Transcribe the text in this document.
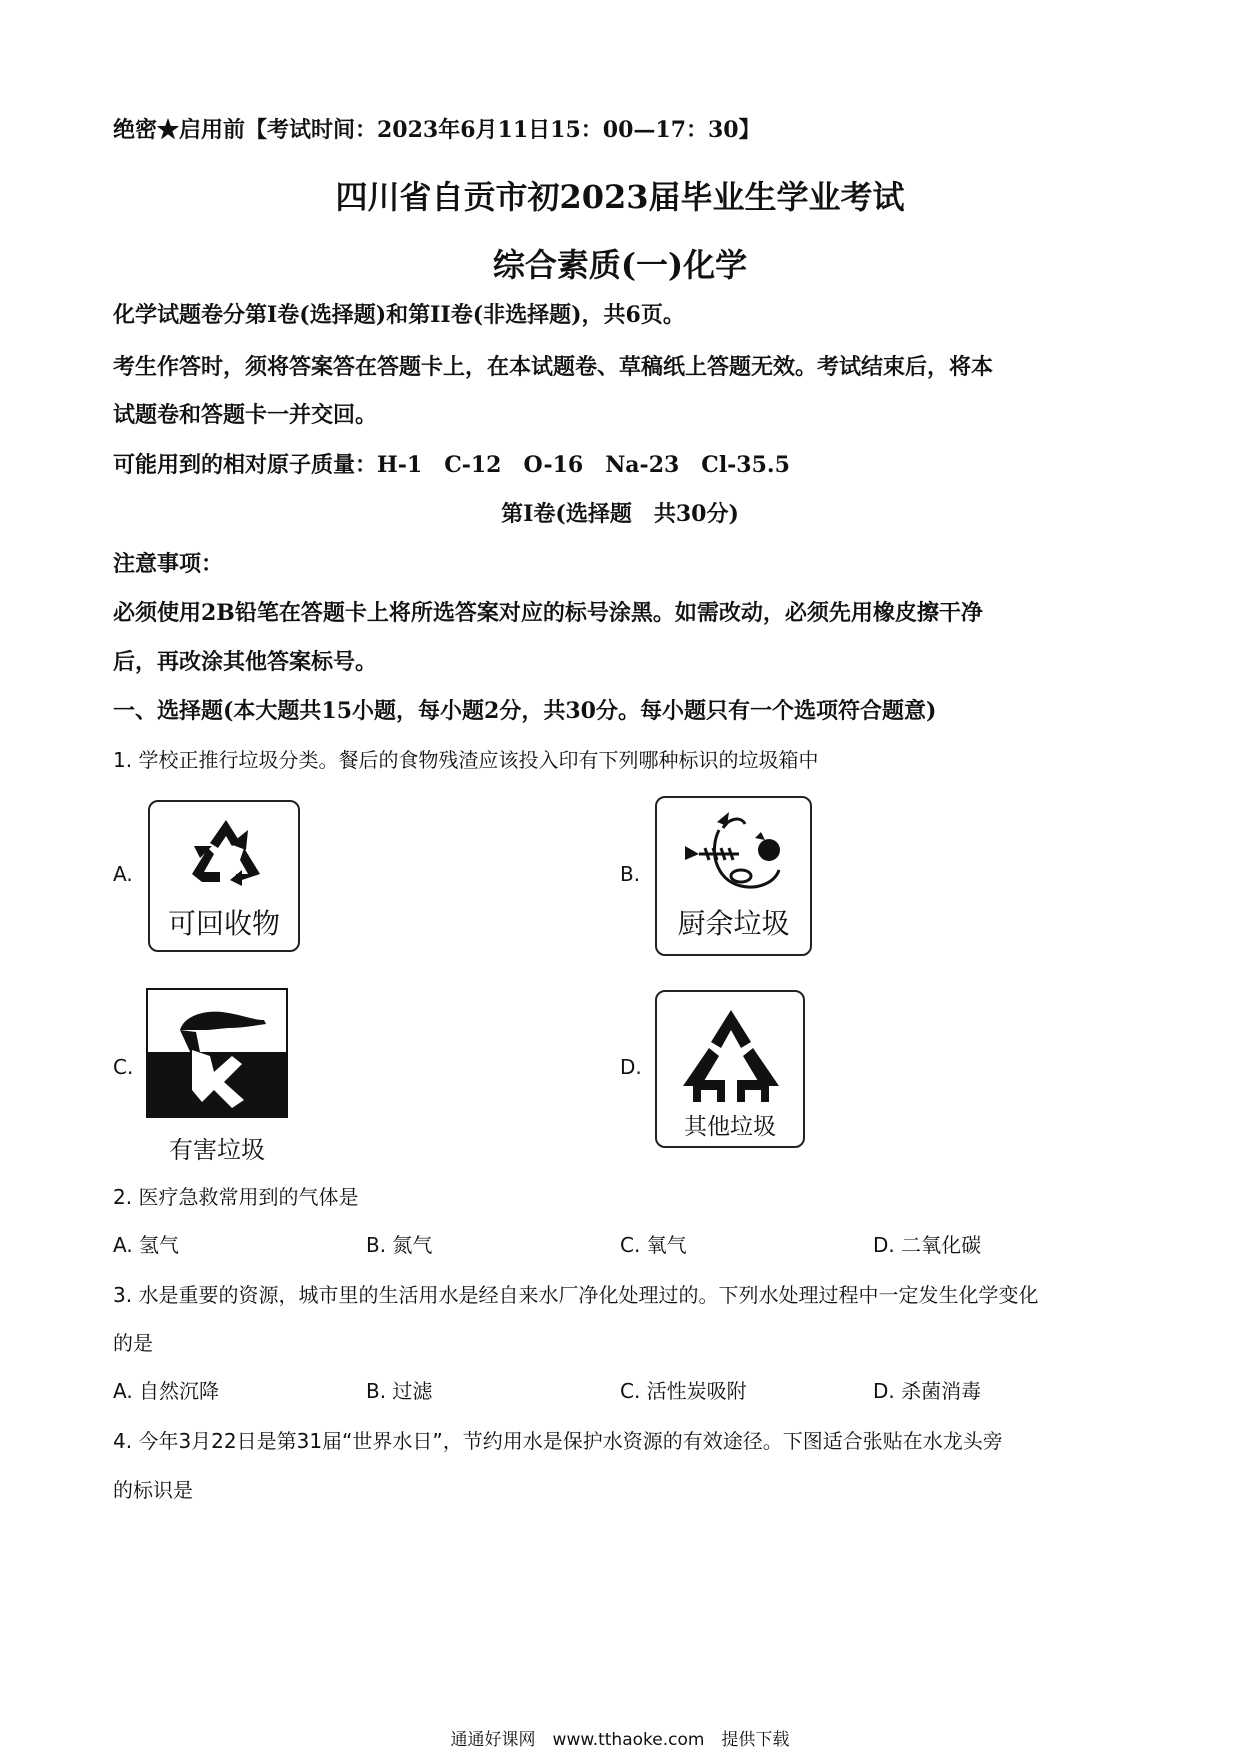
绝密★启用前【考试时间：2023年6月11日15：00—17：30】
四川省自贡市初2023届毕业生学业考试
综合素质(一)化学
化学试题卷分第Ⅰ卷(选择题)和第II卷(非选择题)，共6页。
考生作答时，须将答案答在答题卡上，在本试题卷、草稿纸上答题无效。考试结束后，将本
试题卷和答题卡一并交回。
可能用到的相对原子质量：H-1　C-12　O-16　Na-23　Cl-35.5
第Ⅰ卷(选择题　共30分)
注意事项：
必须使用2B铅笔在答题卡上将所选答案对应的标号涂黑。如需改动，必须先用橡皮擦干净
后，再改涂其他答案标号。
一、选择题(本大题共15小题，每小题2分，共30分。每小题只有一个选项符合题意)
1. 学校正推行垃圾分类。餐后的食物残渣应该投入印有下列哪种标识的垃圾箱中
A.
可回收物
B.
厨余垃圾
C.
有害垃圾
D.
其他垃圾
2. 医疗急救常用到的气体是
A. 氢气	B. 氮气	C. 氧气	D. 二氧化碳
3. 水是重要的资源，城市里的生活用水是经自来水厂净化处理过的。下列水处理过程中一定发生化学变化
的是
A. 自然沉降	B. 过滤	C. 活性炭吸附	D. 杀菌消毒
4. 今年3月22日是第31届“世界水日”，节约用水是保护水资源的有效途径。下图适合张贴在水龙头旁
的标识是
通通好课网　www.tthaoke.com　提供下载
